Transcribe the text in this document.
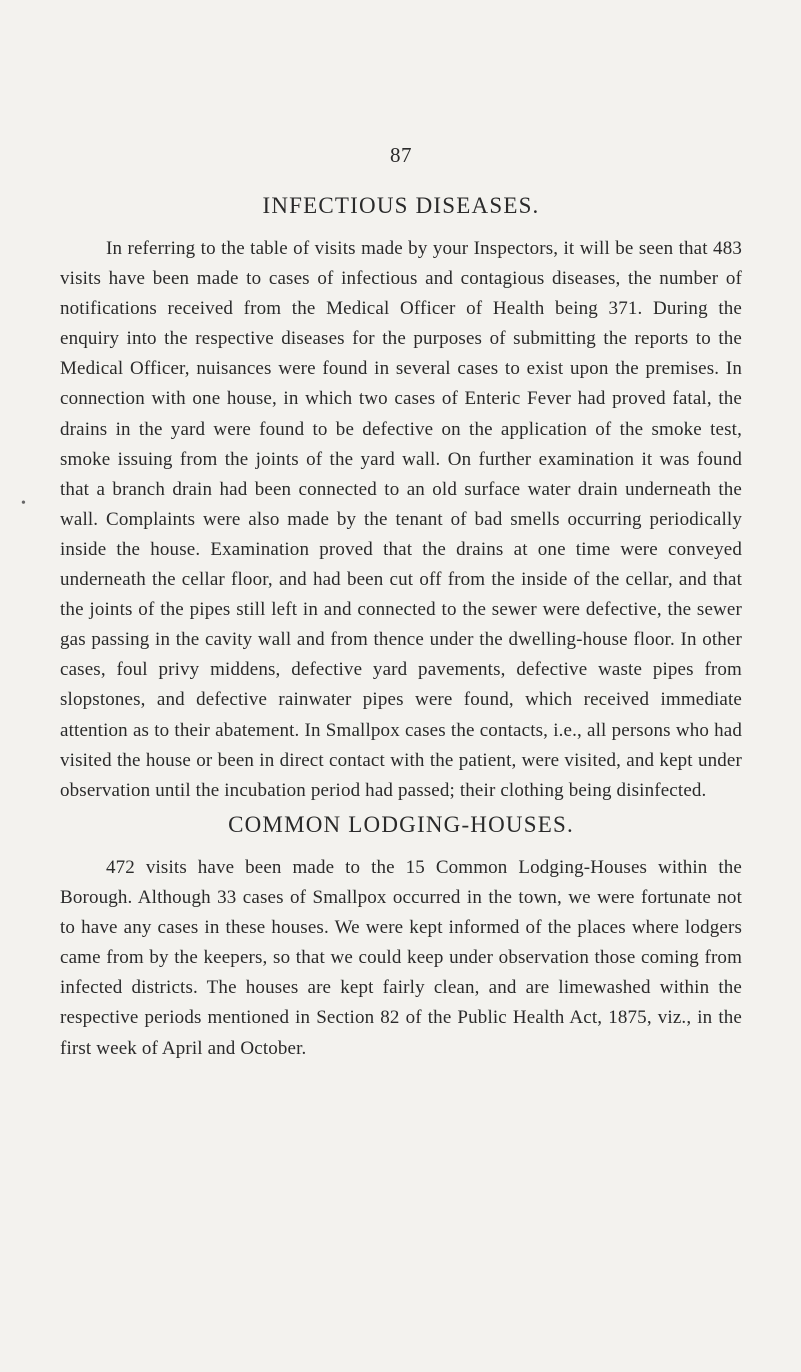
•
87
INFECTIOUS DISEASES.

In referring to the table of visits made by your Inspectors, it will be seen that 483 visits have been made to cases of infectious and contagious diseases, the number of notifications received from the Medical Officer of Health being 371. During the enquiry into the respective diseases for the purposes of submitting the reports to the Medical Officer, nuisances were found in several cases to exist upon the premises. In connection with one house, in which two cases of Enteric Fever had proved fatal, the drains in the yard were found to be defective on the application of the smoke test, smoke issuing from the joints of the yard wall. On further examination it was found that a branch drain had been connected to an old surface water drain underneath the wall. Complaints were also made by the tenant of bad smells occurring periodically inside the house. Examination proved that the drains at one time were conveyed underneath the cellar floor, and had been cut off from the inside of the cellar, and that the joints of the pipes still left in and connected to the sewer were defective, the sewer gas passing in the cavity wall and from thence under the dwelling-house floor. In other cases, foul privy middens, defective yard pavements, defective waste pipes from slopstones, and defective rainwater pipes were found, which received immediate attention as to their abatement. In Smallpox cases the contacts, i.e., all persons who had visited the house or been in direct contact with the patient, were visited, and kept under observation until the incubation period had passed; their clothing being disinfected.

COMMON LODGING-HOUSES.

472 visits have been made to the 15 Common Lodging-Houses within the Borough. Although 33 cases of Smallpox occurred in the town, we were fortunate not to have any cases in these houses. We were kept informed of the places where lodgers came from by the keepers, so that we could keep under observation those coming from infected districts. The houses are kept fairly clean, and are limewashed within the respective periods mentioned in Section 82 of the Public Health Act, 1875, viz., in the first week of April and October.
